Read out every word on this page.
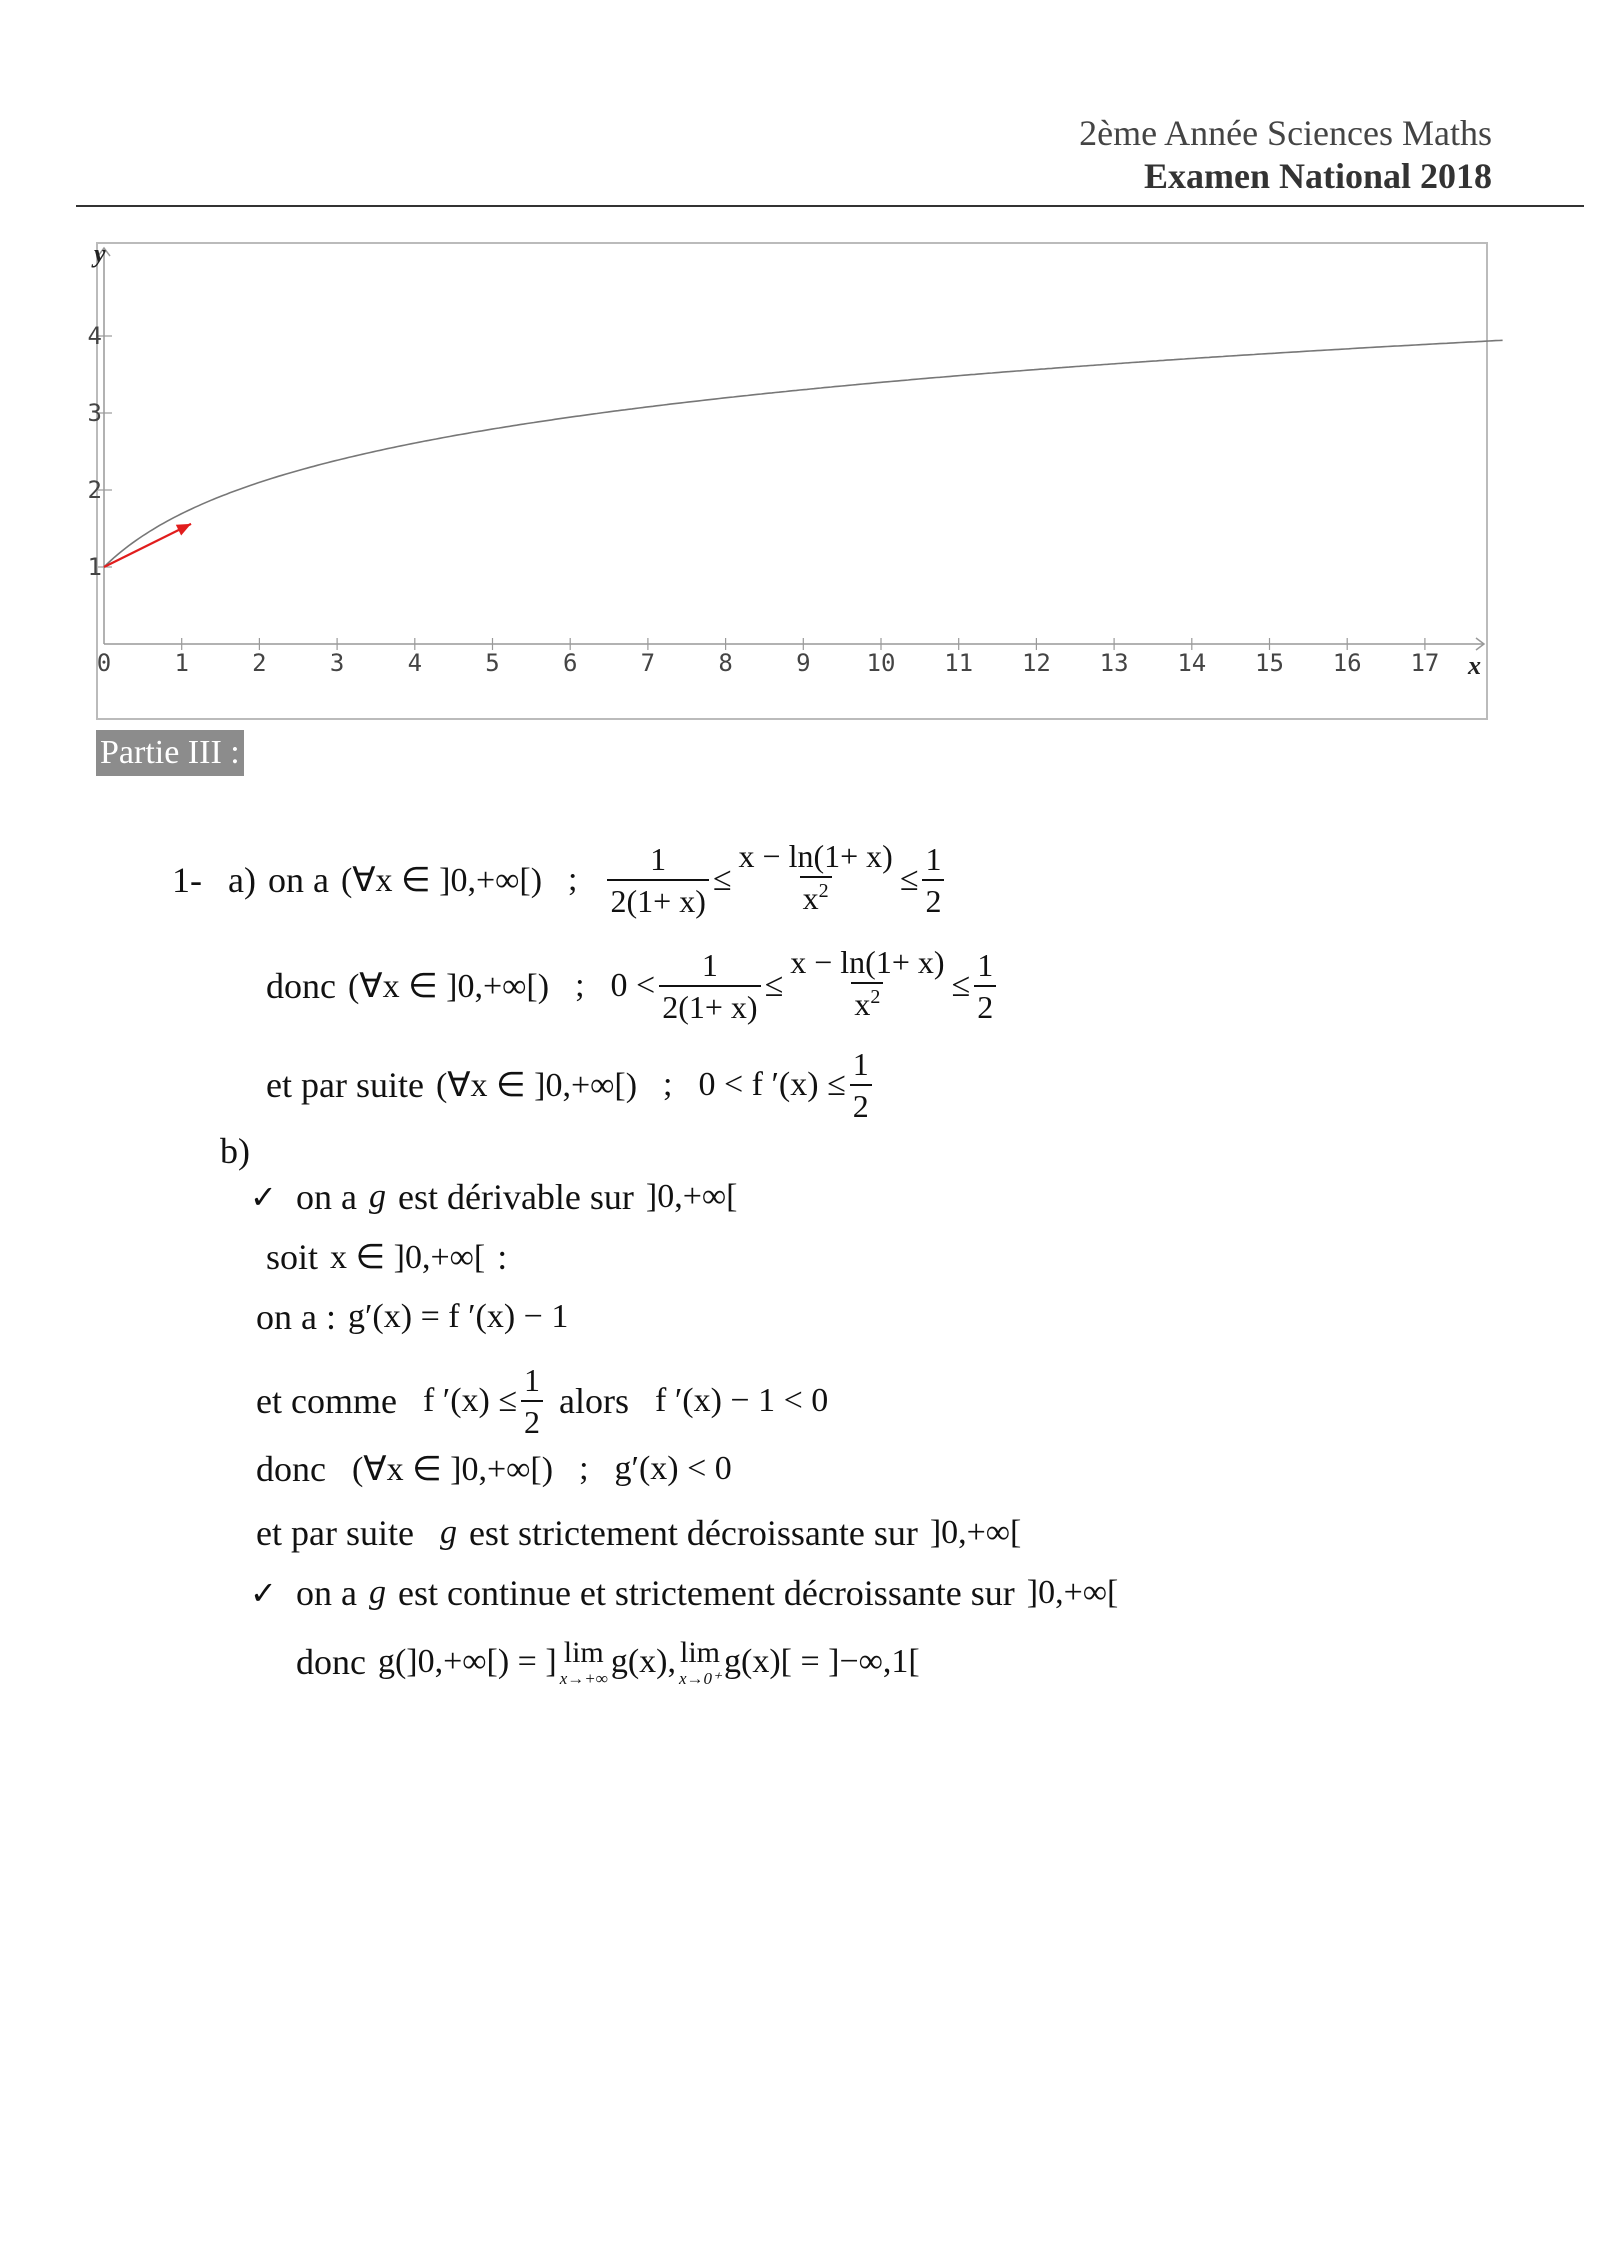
2ème Année Sciences Maths
Examen National 2018
0	1	2	3	4	5	6	7	8	9 10 11 12 13 14 15 16 17
1
2
3
4
x
y
Partie III :
1- a) on a (∀x ∈ ]0,+∞[) ; $\frac{1}{2(1+ x)} \le \frac{x - \ln(1+ x)}{x^2} \le \frac{1}{2}$
donc (∀x ∈ ]0,+∞[) ; $0 < \frac{1}{2(1+ x)} \le \frac{x - \ln(1+ x)}{x^2} \le \frac{1}{2}$
et par suite (∀x ∈ ]0,+∞[) ; 0 < f $'(x) \le \frac{1}{2}$
b)
✓ on a g est dérivable sur ]0,+∞[
soit x ∈ ]0,+∞[ :
on a : g′(x) = f ′(x) − 1
et comme f $'(x) \le \frac{1}{2}$ alors f ′(x) − 1 < 0
donc (∀x ∈ ]0,+∞[) ; g′(x) < 0
et par suite g est strictement décroissante sur ]0,+∞[
✓ on a g est continue et strictement décroissante sur ]0,+∞[
donc g(]0,+∞[) = ] lim
x→+∞ g(x), lim
x→0⁺ g(x)[ = ]−∞,1[
